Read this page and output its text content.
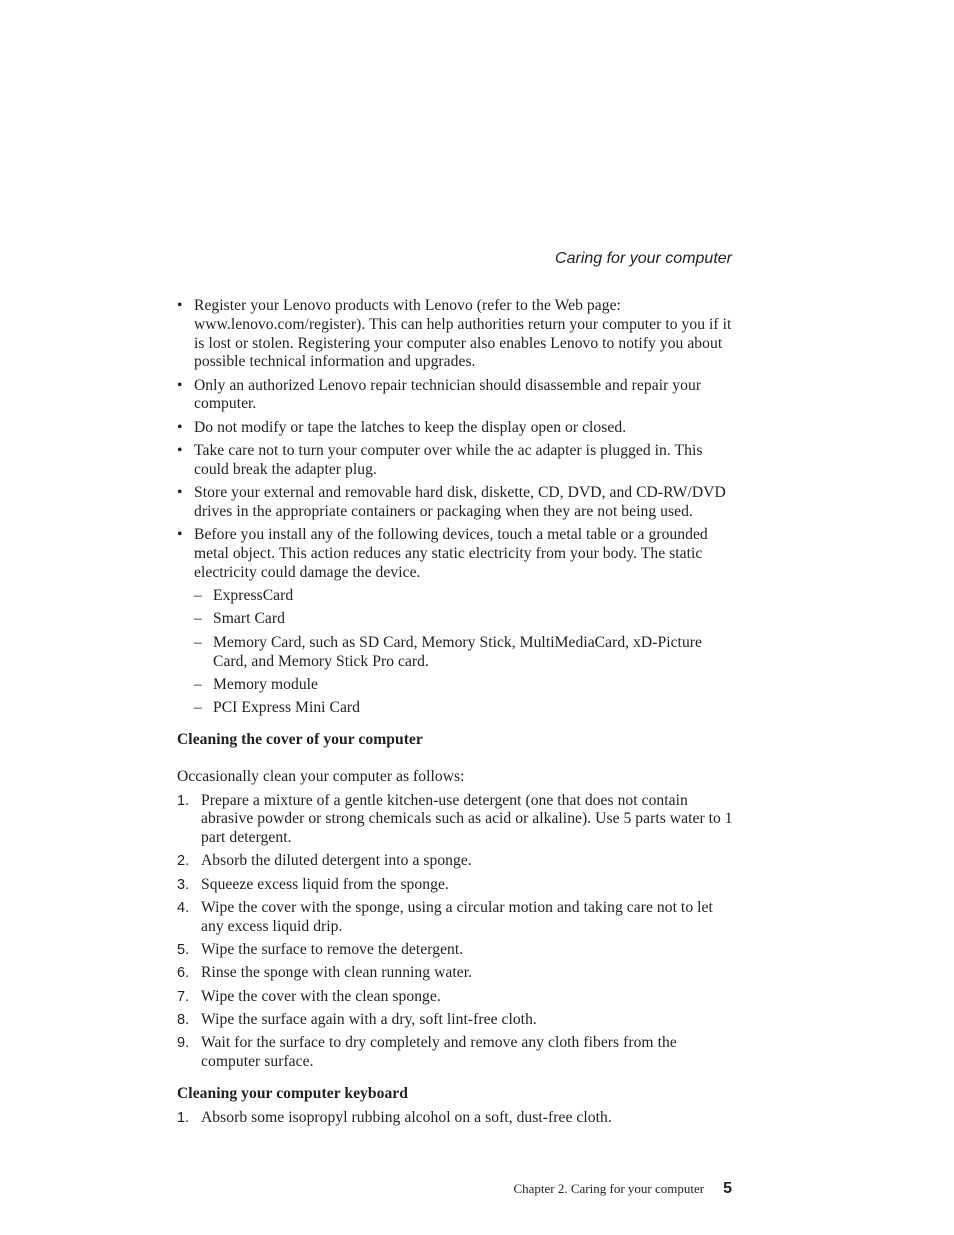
Caring for your computer
• Register your Lenovo products with Lenovo (refer to the Web page: www.lenovo.com/register). This can help authorities return your computer to you if it is lost or stolen. Registering your computer also enables Lenovo to notify you about possible technical information and upgrades.
• Only an authorized Lenovo repair technician should disassemble and repair your computer.
• Do not modify or tape the latches to keep the display open or closed.
• Take care not to turn your computer over while the ac adapter is plugged in. This could break the adapter plug.
• Store your external and removable hard disk, diskette, CD, DVD, and CD-RW/DVD drives in the appropriate containers or packaging when they are not being used.
• Before you install any of the following devices, touch a metal table or a grounded metal object. This action reduces any static electricity from your body. The static electricity could damage the device.
– ExpressCard
– Smart Card
– Memory Card, such as SD Card, Memory Stick, MultiMediaCard, xD-Picture Card, and Memory Stick Pro card.
– Memory module
– PCI Express Mini Card
Cleaning the cover of your computer

Occasionally clean your computer as follows:

1. Prepare a mixture of a gentle kitchen-use detergent (one that does not contain abrasive powder or strong chemicals such as acid or alkaline). Use 5 parts water to 1 part detergent.
2. Absorb the diluted detergent into a sponge.
3. Squeeze excess liquid from the sponge.
4. Wipe the cover with the sponge, using a circular motion and taking care not to let any excess liquid drip.
5. Wipe the surface to remove the detergent.
6. Rinse the sponge with clean running water.
7. Wipe the cover with the clean sponge.
8. Wipe the surface again with a dry, soft lint-free cloth.
9. Wait for the surface to dry completely and remove any cloth fibers from the computer surface.
Cleaning your computer keyboard
1. Absorb some isopropyl rubbing alcohol on a soft, dust-free cloth.
Chapter 2. Caring for your computer 5
